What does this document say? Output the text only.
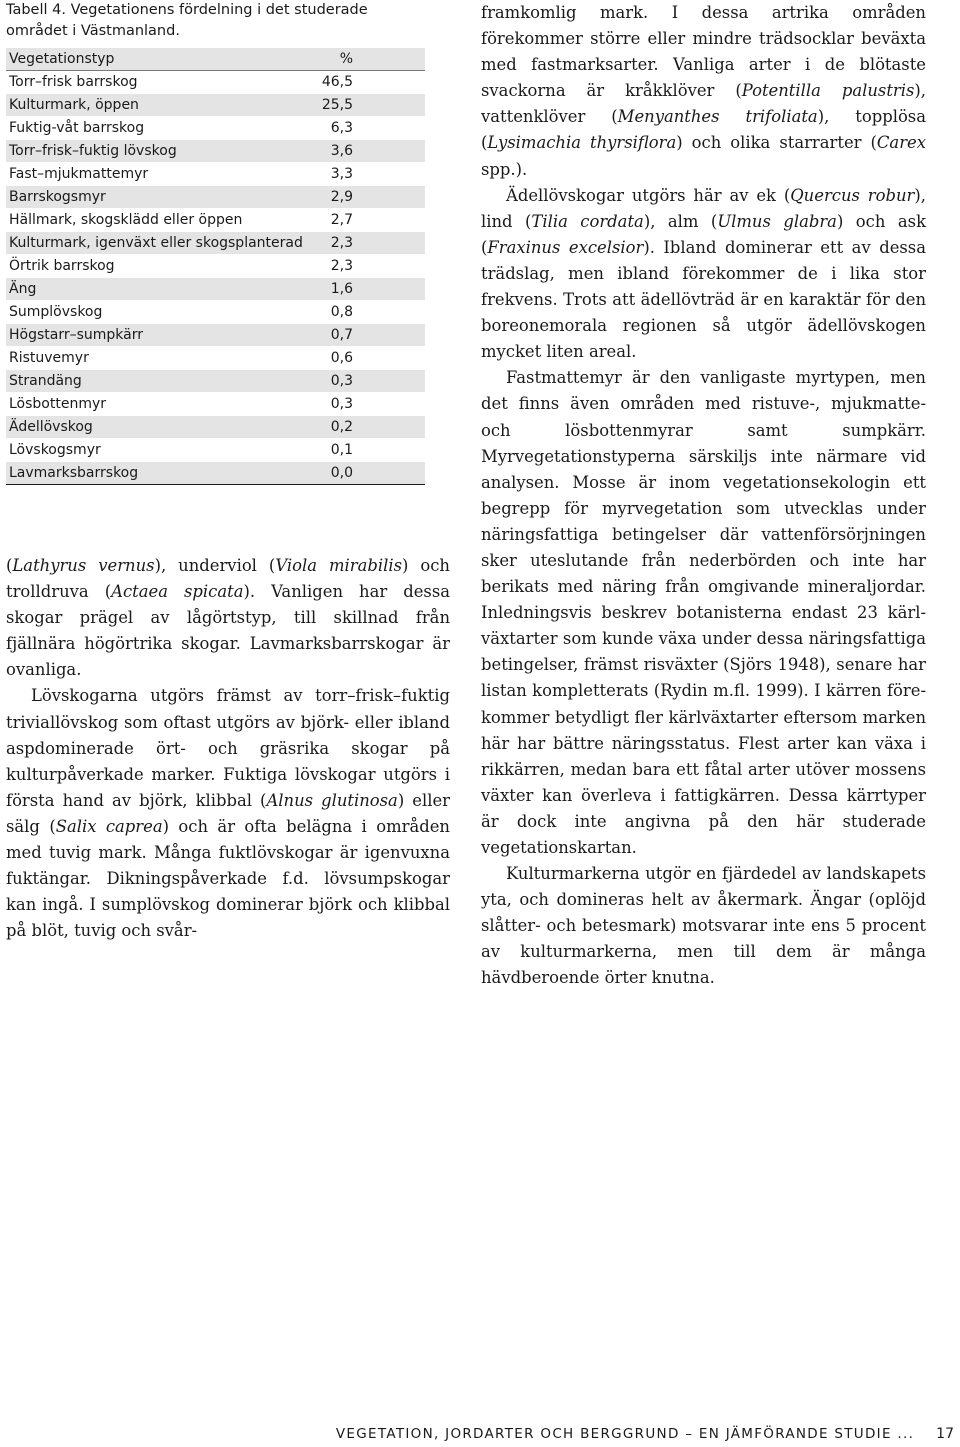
Tabell 4. Vegetationens fördelning i det studerade området i Västmanland.
Vegetationstyp	%
Torr–frisk barrskog	46,5
Kulturmark, öppen	25,5
Fuktig-våt barrskog	6,3
Torr–frisk–fuktig lövskog	3,6
Fast–mjukmattemyr	3,3
Barrskogsmyr	2,9
Hällmark, skogsklädd eller öppen	2,7
Kulturmark, igenväxt eller skogsplanterad	2,3
Örtrik barrskog	2,3
Äng	1,6
Sumplövskog	0,8
Högstarr–sumpkärr	0,7
Ristuvemyr	0,6
Strandäng	0,3
Lösbottenmyr	0,3
Ädellövskog	0,2
Lövskogsmyr	0,1
Lavmarksbarrskog	0,0

(Lathyrus vernus), underviol (Viola mirabilis) och trolldruva (Actaea spicata). Vanligen har dessa skogar prägel av lågörtstyp, till skillnad från fjällnära högörtrika skogar. Lavmarksbarrskogar är ovanliga.

Lövskogarna utgörs främst av torr–frisk–fuktig triviallövskog som oftast utgörs av björk- eller ibland aspdominerade ört- och gräsrika skogar på kulturpåverkade marker. Fuktiga lövskogar utgörs i första hand av björk, klibbal (Alnus glutinosa) eller sälg (Salix caprea) och är ofta belägna i områden med tuvig mark. Många fuktlövskogar är igenvuxna fuktängar. Dikningspåverkade f.d. lövsumpskogar kan ingå. I sumplövskog dominerar björk och klibbal på blöt, tuvig och svår-

framkomlig mark. I dessa artrika områden förekommer större eller mindre trädsocklar beväxta med fastmarksarter. Vanliga arter i de blötaste svackorna är kråkklöver (Potentilla palustris), vattenklöver (Menyanthes trifoliata), topplösa (Lysimachia thyrsiflora) och olika starrarter (Carex spp.).

Ädellövskogar utgörs här av ek (Quercus robur), lind (Tilia cordata), alm (Ulmus glabra) och ask (Fraxinus excelsior). Ibland dominerar ett av dessa trädslag, men ibland förekommer de i lika stor frekvens. Trots att ädellövträd är en karaktär för den boreonemorala regionen så utgör ädellövskogen mycket liten areal.

Fastmattemyr är den vanligaste myrtypen, men det finns även områden med ristuve-, mjukmatte- och lösbottenmyrar samt sumpkärr. Myrvegetationstyperna särskiljs inte närmare vid analysen. Mosse är inom vegetationsekologin ett begrepp för myrvegetation som utvecklas under näringsfattiga betingelser där vattenförsörjningen sker uteslutande från nederbörden och inte har berikats med näring från omgivande mineraljordar. Inledningsvis beskrev botanisterna endast 23 kärlväxtarter som kunde växa under dessa näringsfattiga betingelser, främst risväxter (Sjörs 1948), senare har listan kompletterats (Rydin m.fl. 1999). I kärren förekommer betydligt fler kärlväxtarter eftersom marken här har bättre näringsstatus. Flest arter kan växa i rikkärren, medan bara ett fåtal arter utöver mossens växter kan överleva i fattigkärren. Dessa kärrtyper är dock inte angivna på den här studerade vegetationskartan.

Kulturmarkerna utgör en fjärdedel av landskapets yta, och domineras helt av åkermark. Ängar (oplöjd slåtter- och betesmark) motsvarar inte ens 5 procent av kulturmarkerna, men till dem är många hävdberoende örter knutna.

VEGETATION, JORDARTER OCH BERGGRUND – EN JÄMFÖRANDE STUDIE ... 17
